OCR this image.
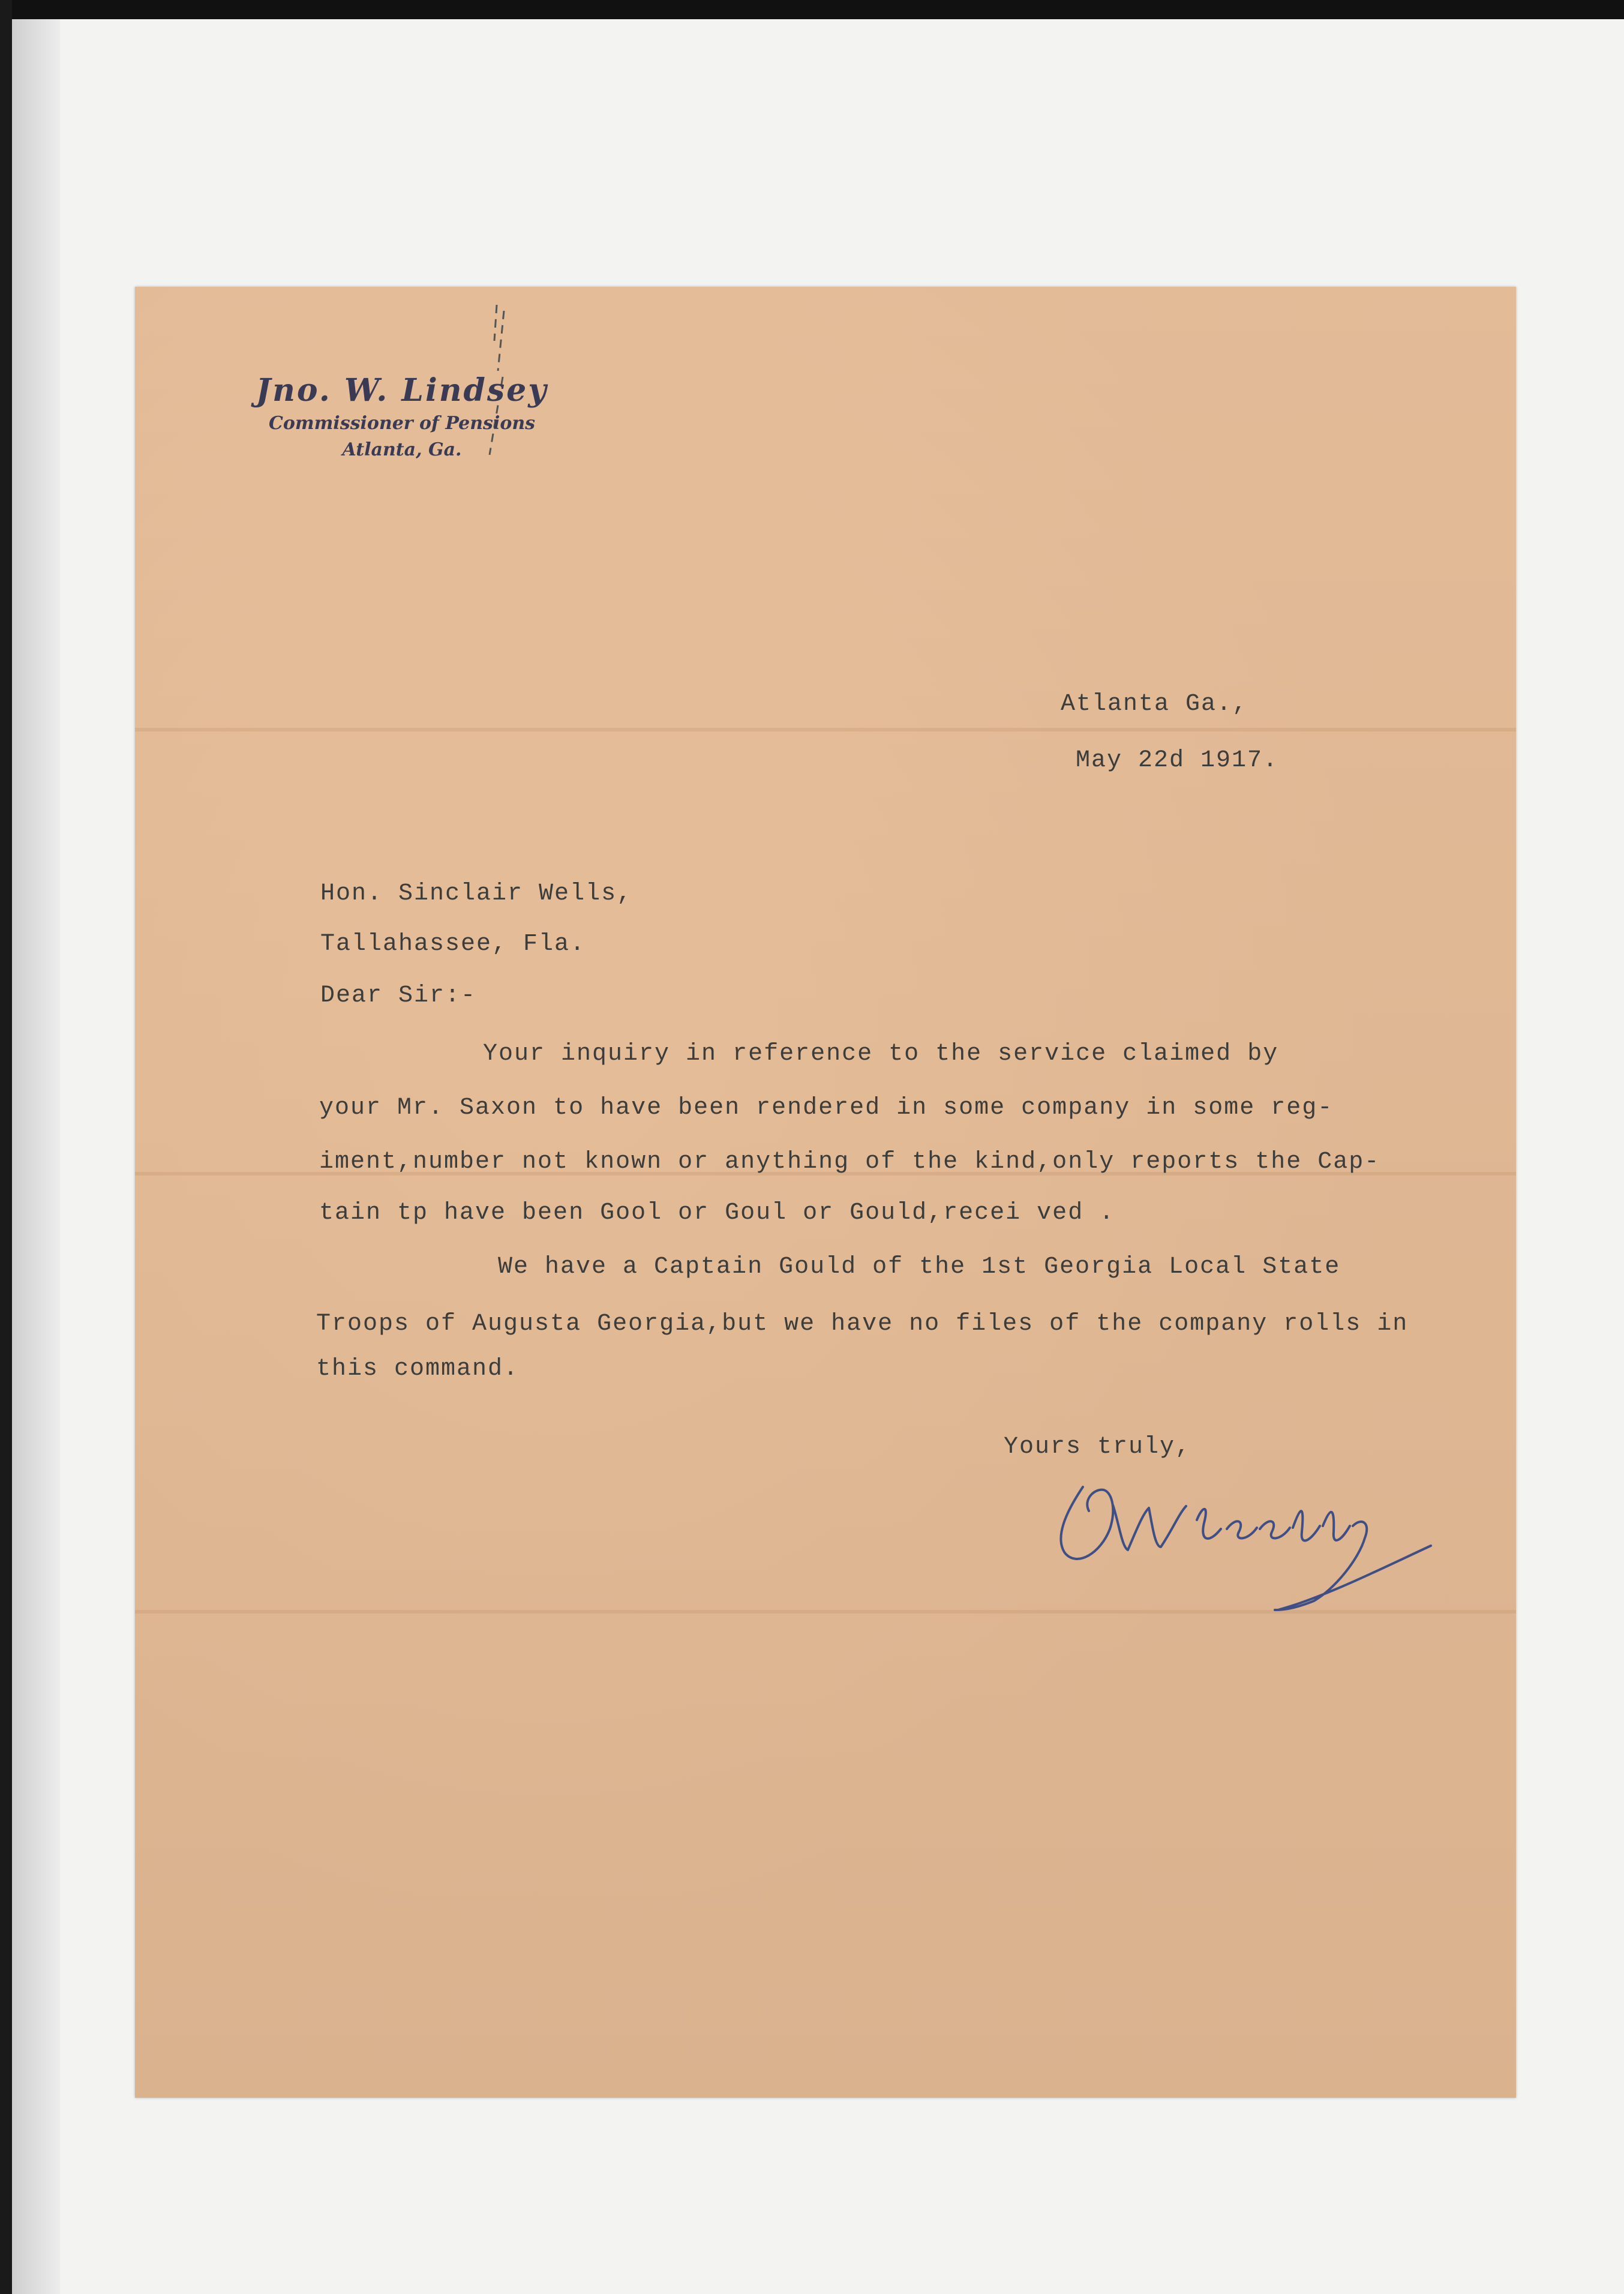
Jno. W. Lindsey
Commissioner of Pensions
Atlanta, Ga.
Atlanta Ga.,
May 22d 1917.
Hon. Sinclair Wells,
Tallahassee, Fla.
Dear Sir:-
Your inquiry in reference to the service claimed by
your Mr. Saxon to have been rendered in some company in some reg-
iment,number not known or anything of the kind,only reports the Cap-
tain tp have been Gool or Goul or Gould,recei ved .
We have a Captain Gould of the 1st Georgia Local State
Troops of Augusta Georgia,but we have no files of the company rolls in
this command.
Yours truly,
